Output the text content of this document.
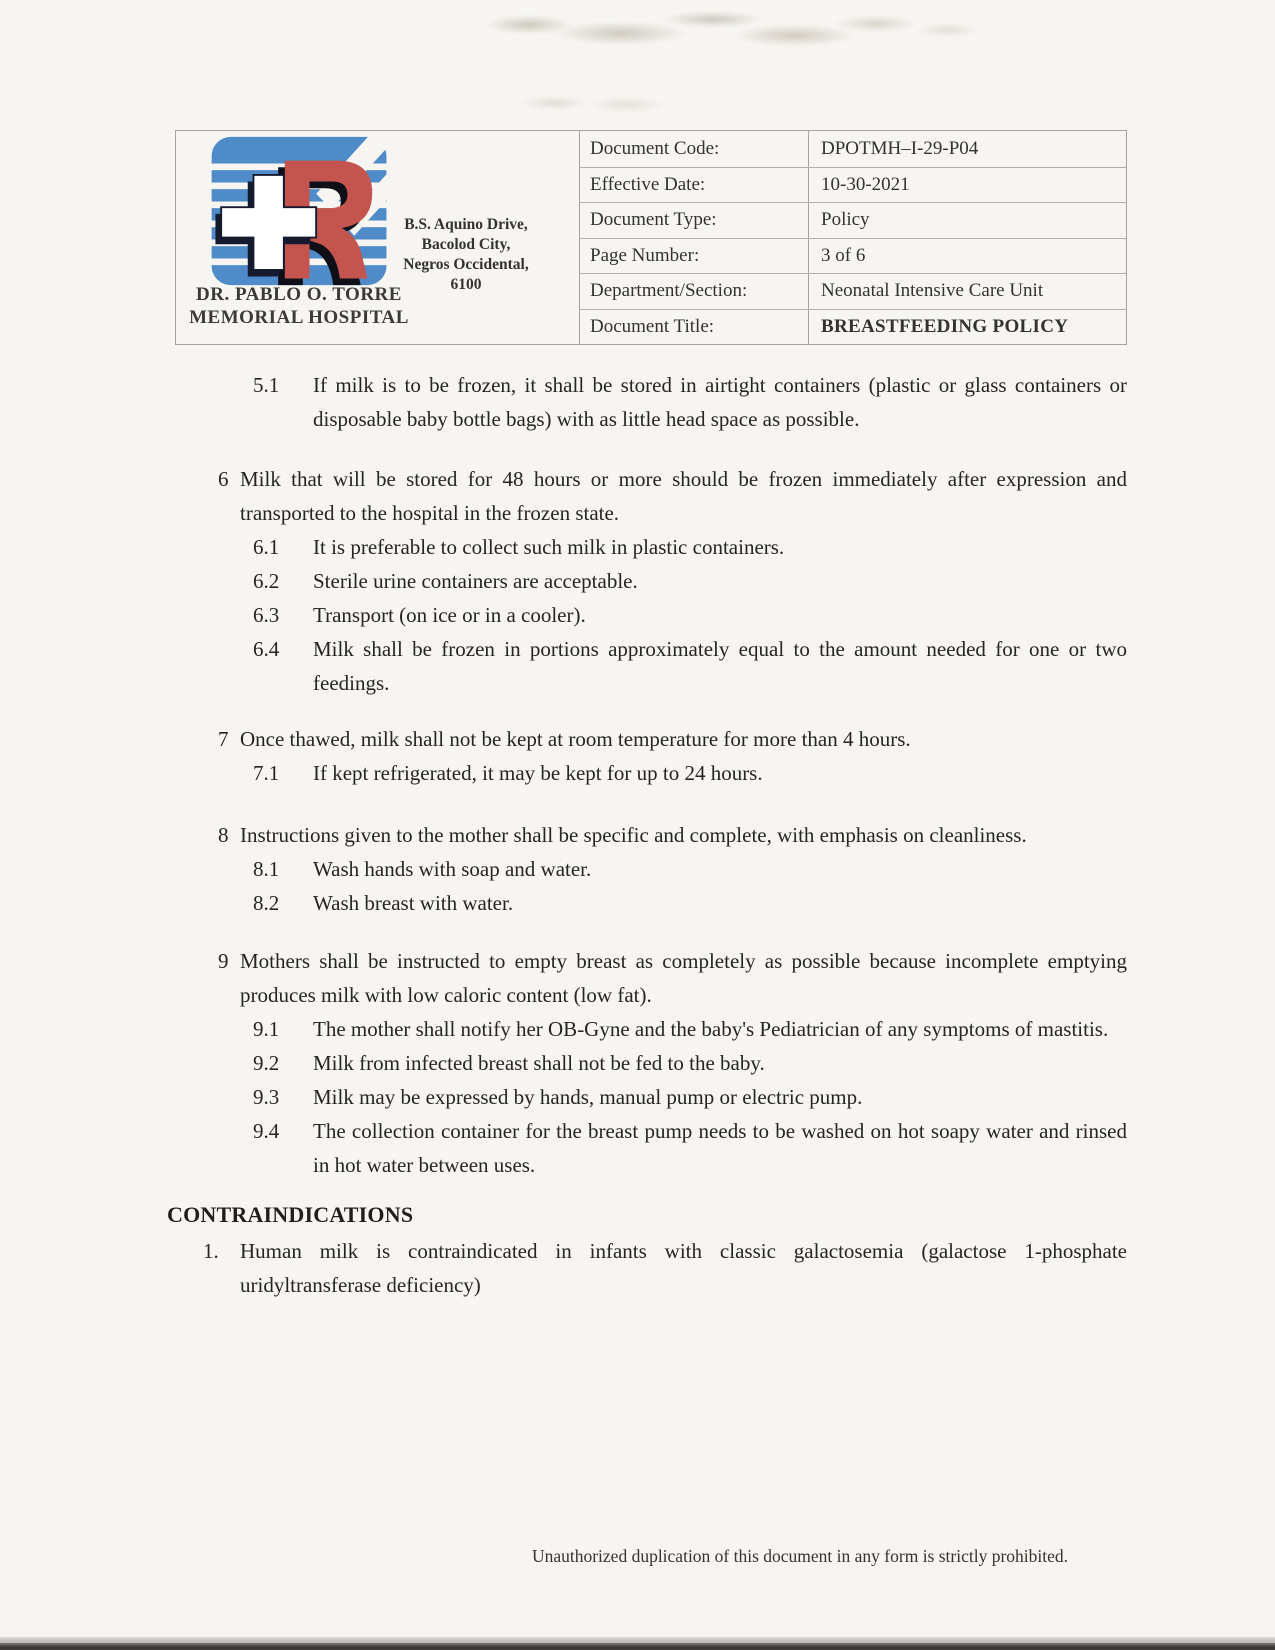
DR. PABLO O. TORRE
MEMORIAL HOSPITAL
B.S. Aquino Drive,
Bacolod City,
Negros Occidental,
6100
Document Code:	DPOTMH–I-29-P04
Effective Date:	10-30-2021
Document Type:	Policy
Page Number:	3 of 6
Department/Section:	Neonatal Intensive Care Unit
Document Title:	BREASTFEEDING POLICY
5.1 If milk is to be frozen, it shall be stored in airtight containers (plastic or glass containers or disposable baby bottle bags) with as little head space as possible.
6 Milk that will be stored for 48 hours or more should be frozen immediately after expression and transported to the hospital in the frozen state.
6.1 It is preferable to collect such milk in plastic containers.
6.2 Sterile urine containers are acceptable.
6.3 Transport (on ice or in a cooler).
6.4 Milk shall be frozen in portions approximately equal to the amount needed for one or two feedings.
7 Once thawed, milk shall not be kept at room temperature for more than 4 hours.
7.1 If kept refrigerated, it may be kept for up to 24 hours.
8 Instructions given to the mother shall be specific and complete, with emphasis on cleanliness.
8.1 Wash hands with soap and water.
8.2 Wash breast with water.
9 Mothers shall be instructed to empty breast as completely as possible because incomplete emptying produces milk with low caloric content (low fat).
9.1 The mother shall notify her OB-Gyne and the baby's Pediatrician of any symptoms of mastitis.
9.2 Milk from infected breast shall not be fed to the baby.
9.3 Milk may be expressed by hands, manual pump or electric pump.
9.4 The collection container for the breast pump needs to be washed on hot soapy water and rinsed in hot water between uses.
CONTRAINDICATIONS
1. Human milk is contraindicated in infants with classic galactosemia (galactose 1-phosphate uridyltransferase deficiency)
Unauthorized duplication of this document in any form is strictly prohibited.
